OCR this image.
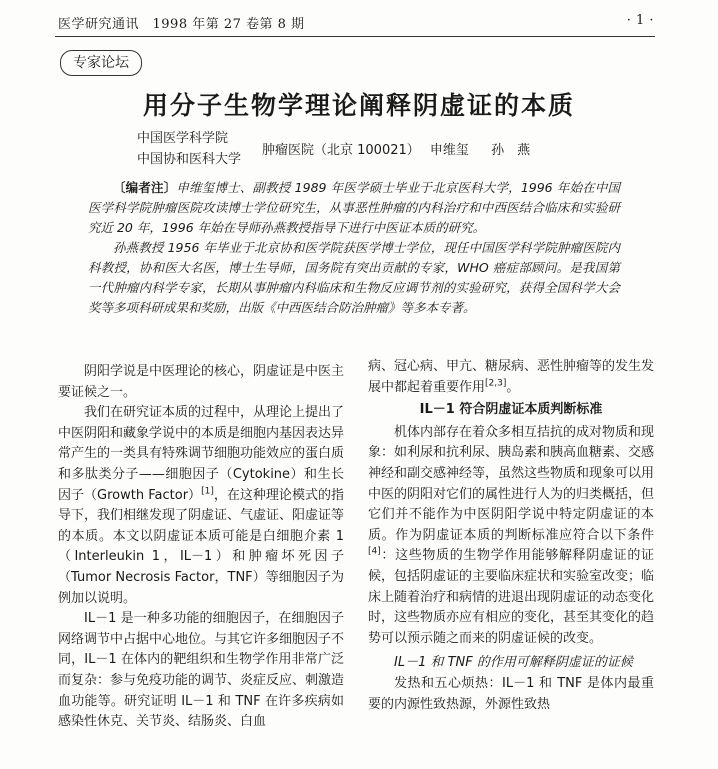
医学研究通讯　1998 年第 27 卷第 8 期	· 1 ·
专家论坛
用分子生物学理论阐释阴虚证的本质
中国医学科学院
中国协和医科大学
肿瘤医院（北京 100021） 申维玺 孙　燕

〔编者注〕申维玺博士、副教授 1989 年医学硕士毕业于北京医科大学，1996 年始在中国医学科学院肿瘤医院攻读博士学位研究生，从事恶性肿瘤的内科治疗和中西医结合临床和实验研究近 20 年，1996 年始在导师孙燕教授指导下进行中医证本质的研究。

孙燕教授 1956 年毕业于北京协和医学院获医学博士学位，现任中国医学科学院肿瘤医院内科教授，协和医大名医，博士生导师，国务院有突出贡献的专家，WHO 癌症部顾问。是我国第一代肿瘤内科学专家，长期从事肿瘤内科临床和生物反应调节剂的实验研究，获得全国科学大会奖等多项科研成果和奖励，出版《中西医结合防治肿瘤》等多本专著。

阴阳学说是中医理论的核心，阴虚证是中医主要证候之一。

我们在研究证本质的过程中，从理论上提出了中医阴阳和藏象学说中的本质是细胞内基因表达异常产生的一类具有特殊调节细胞功能效应的蛋白质和多肽类分子——细胞因子（Cytokine）和生长因子（Growth Factor）[1]，在这种理论模式的指导下，我们相继发现了阴虚证、气虚证、阳虚证等的本质。本文以阴虚证本质可能是白细胞介素 1（Interleukin 1，IL－1）和肿瘤坏死因子（Tumor Necrosis Factor，TNF）等细胞因子为例加以说明。

IL－1 是一种多功能的细胞因子，在细胞因子网络调节中占据中心地位。与其它许多细胞因子不同，IL－1 在体内的靶组织和生物学作用非常广泛而复杂：参与免疫功能的调节、炎症反应、刺激造血功能等。研究证明 IL－1 和 TNF 在许多疾病如感染性休克、关节炎、结肠炎、白血

病、冠心病、甲亢、糖尿病、恶性肿瘤等的发生发展中都起着重要作用[2,3]。

IL－1 符合阴虚证本质判断标准

机体内部存在着众多相互拮抗的成对物质和现象：如利尿和抗利尿、胰岛素和胰高血糖素、交感神经和副交感神经等，虽然这些物质和现象可以用中医的阴阳对它们的属性进行人为的归类概括，但它们并不能作为中医阴阳学说中特定阴虚证的本质。作为阴虚证本质的判断标准应符合以下条件[4]：这些物质的生物学作用能够解释阴虚证的证候，包括阴虚证的主要临床症状和实验室改变；临床上随着治疗和病情的进退出现阴虚证的动态变化时，这些物质亦应有相应的变化，甚至其变化的趋势可以预示随之而来的阴虚证候的改变。

IL－1 和 TNF 的作用可解释阴虚证的证候

发热和五心烦热：IL－1 和 TNF 是体内最重要的内源性致热源，外源性致热
